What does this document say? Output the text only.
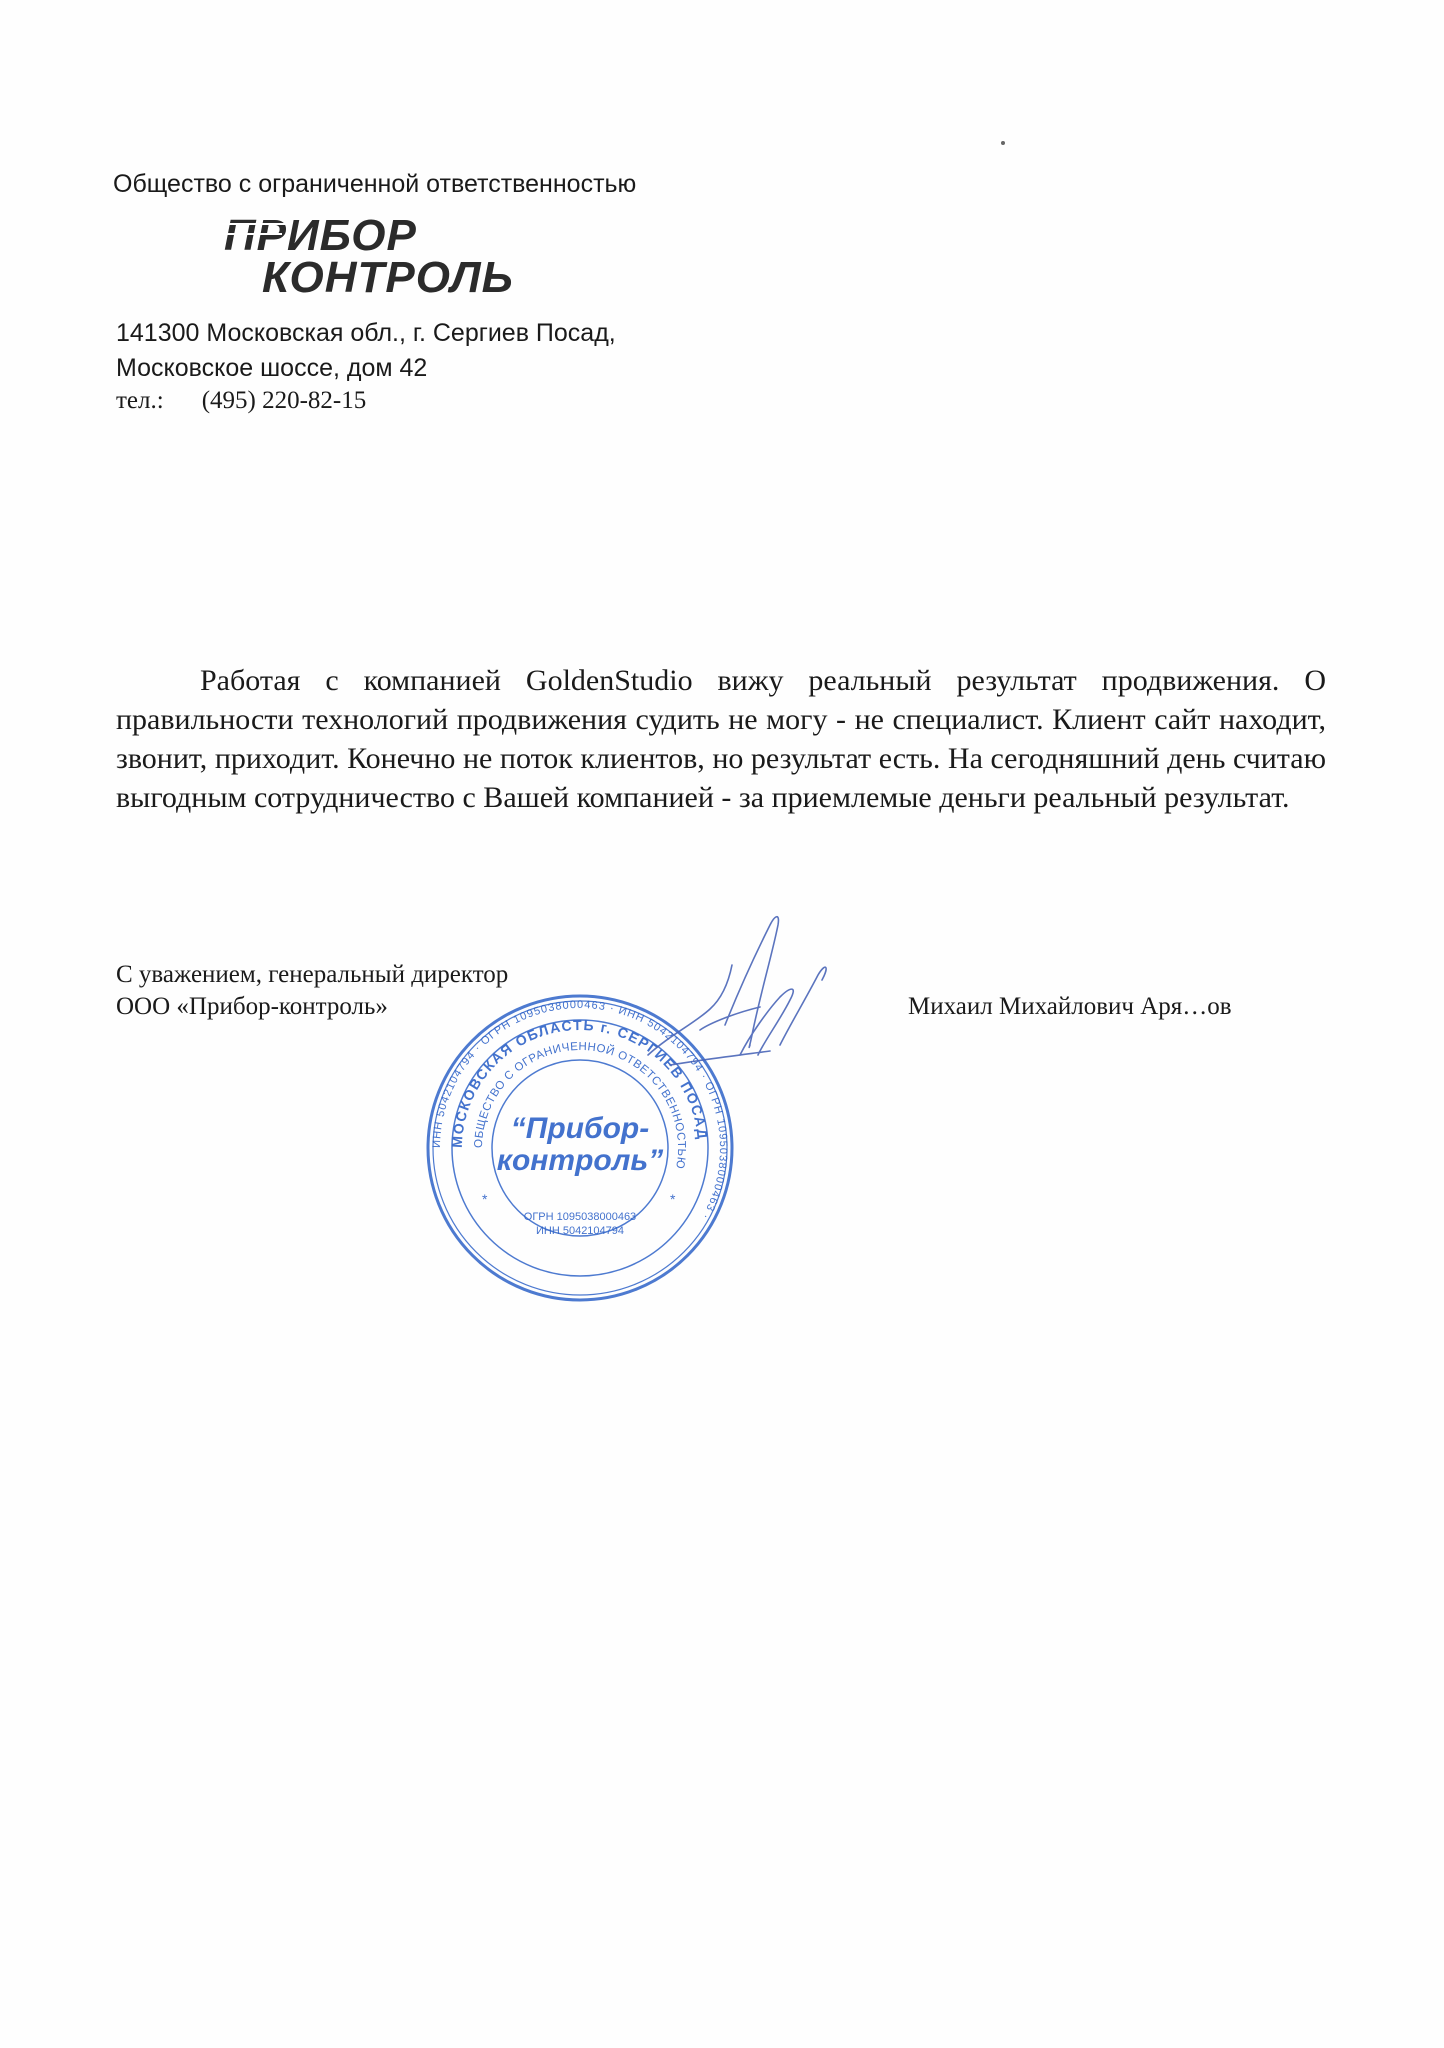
Общество с ограниченной ответственностью
ПРИБОР
КОНТРОЛЬ
141300 Московская обл., г. Сергиев Посад,
Московское шоссе, дом 42
тел.: (495) 220-82-15
Работая с компанией GoldenStudio вижу реальный результат продвижения. О правильности технологий продвижения судить не могу - не специалист. Клиент сайт находит, звонит, приходит. Конечно не поток клиентов, но результат есть. На сегодняшний день считаю выгодным сотрудничество с Вашей компанией - за приемлемые деньги реальный результат.
С уважением, генеральный директор
ООО «Прибор-контроль»	Михаил Михайлович Аря…ов
ИНН 5042104794 · ОГРН 1095038000463 · ИНН 5042104794 · ОГРН 1095038000463 ·
МОСКОВСКАЯ ОБЛАСТЬ г. СЕРГИЕВ ПОСАД
ОБЩЕСТВО С ОГРАНИЧЕННОЙ ОТВЕТСТВЕННОСТЬЮ
“Прибор-
контроль”
ОГРН 1095038000463
ИНН 5042104794
*	*
